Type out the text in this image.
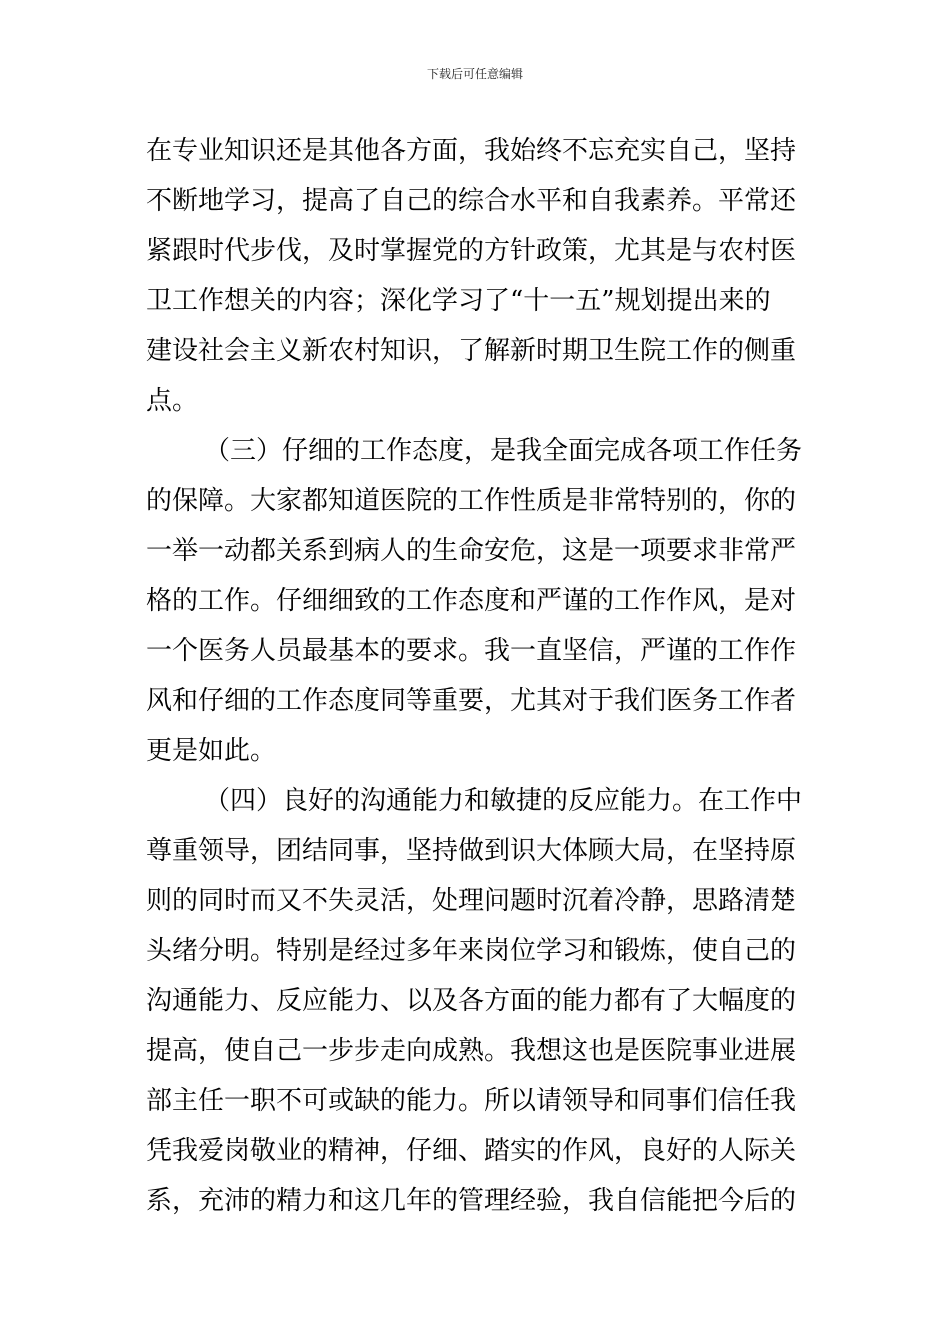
下载后可任意编辑
在专业知识还是其他各方面，我始终不忘充实自己，坚持
不断地学习，提高了自己的综合水平和自我素养。平常还
紧跟时代步伐，及时掌握党的方针政策，尤其是与农村医
卫工作想关的内容；深化学习了“十一五”规划提出来的
建设社会主义新农村知识，了解新时期卫生院工作的侧重
点。
（三）仔细的工作态度，是我全面完成各项工作任务
的保障。大家都知道医院的工作性质是非常特别的，你的
一举一动都关系到病人的生命安危，这是一项要求非常严
格的工作。仔细细致的工作态度和严谨的工作作风，是对
一个医务人员最基本的要求。我一直坚信，严谨的工作作
风和仔细的工作态度同等重要，尤其对于我们医务工作者
更是如此。
（四）良好的沟通能力和敏捷的反应能力。在工作中
尊重领导，团结同事，坚持做到识大体顾大局，在坚持原
则的同时而又不失灵活，处理问题时沉着冷静，思路清楚
头绪分明。特别是经过多年来岗位学习和锻炼，使自己的
沟通能力、反应能力、以及各方面的能力都有了大幅度的
提高，使自己一步步走向成熟。我想这也是医院事业进展
部主任一职不可或缺的能力。所以请领导和同事们信任我
凭我爱岗敬业的精神，仔细、踏实的作风，良好的人际关
系，充沛的精力和这几年的管理经验，我自信能把今后的
